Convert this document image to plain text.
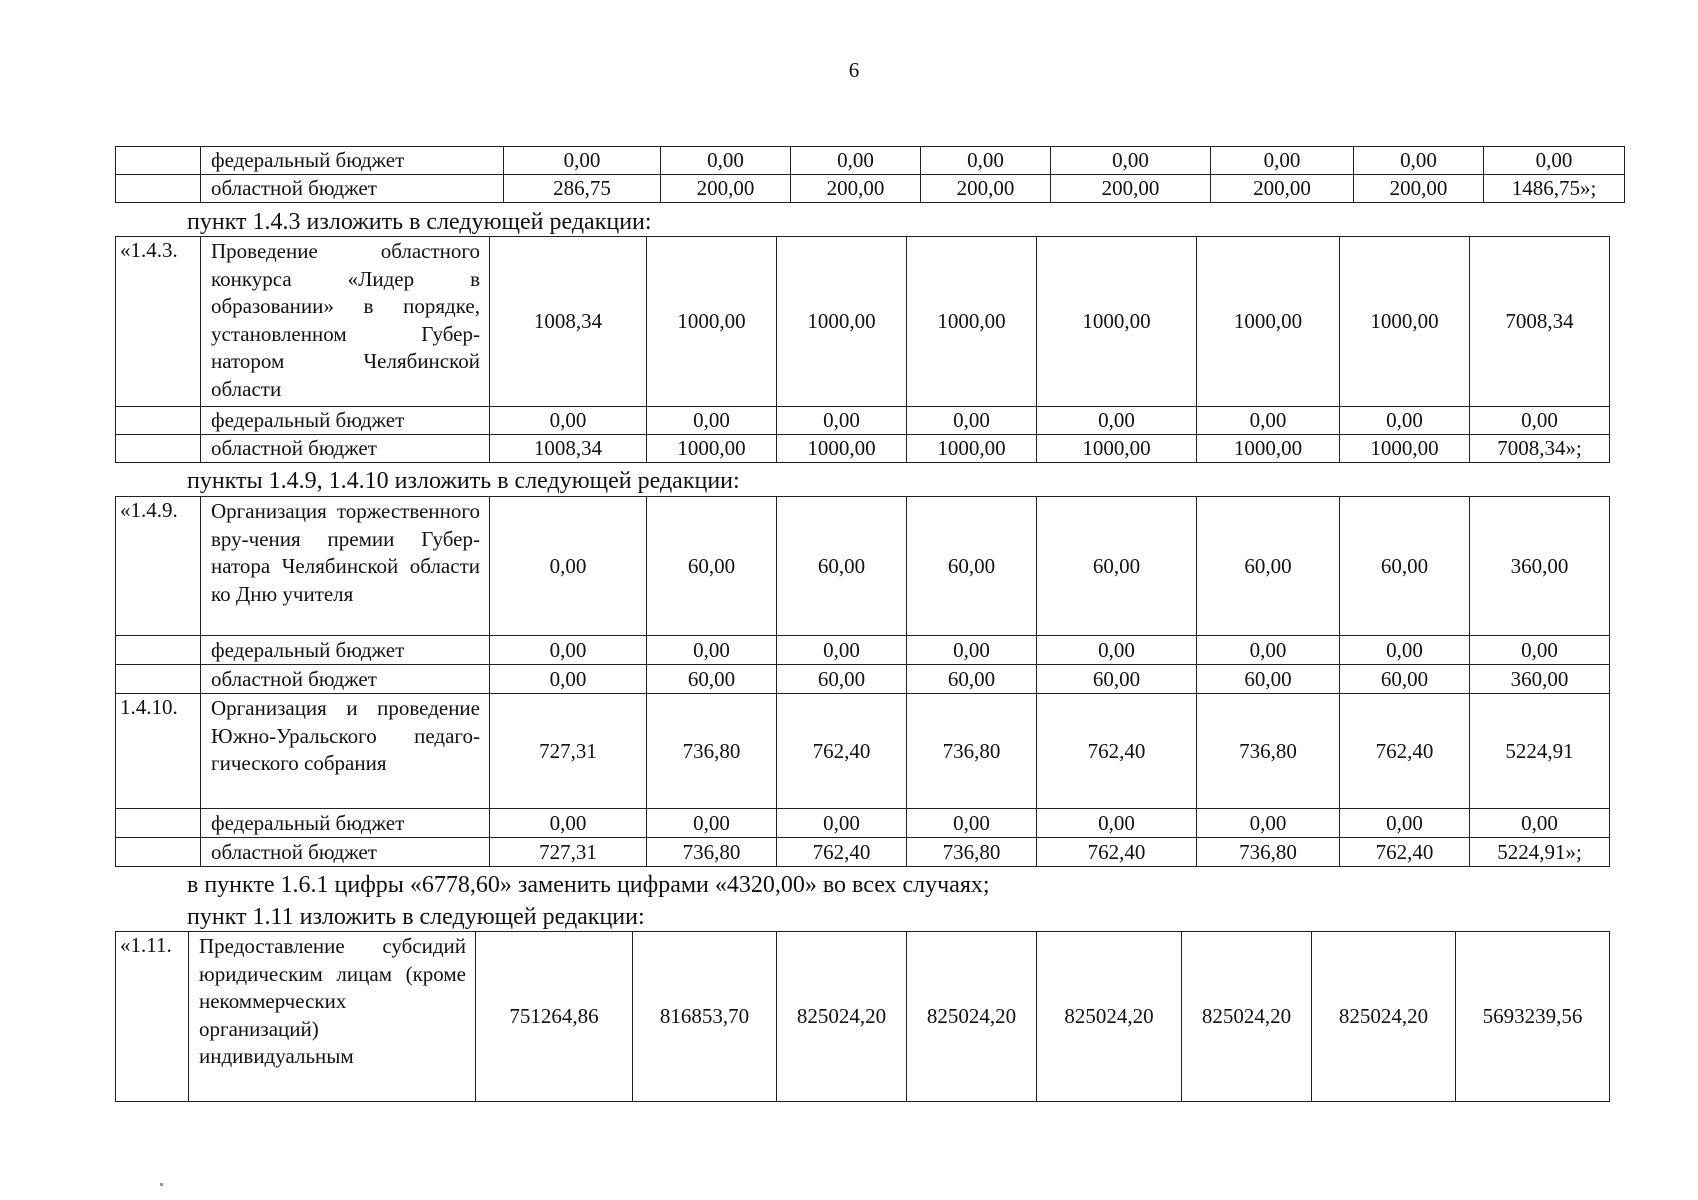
6
	федеральный бюджет	0,00	0,00	0,00	0,00	0,00	0,00	0,00	0,00
	областной бюджет	286,75	200,00	200,00	200,00	200,00	200,00	200,00	1486,75»;
пункт 1.4.3 изложить в следующей редакции:
«1.4.3.	Проведение областного конкурса «Лидер в образовании» в порядке, установленном Губер-натором Челябинской области	1008,34	1000,00	1000,00	1000,00	1000,00	1000,00	1000,00	7008,34
	федеральный бюджет	0,00	0,00	0,00	0,00	0,00	0,00	0,00	0,00
	областной бюджет	1008,34	1000,00	1000,00	1000,00	1000,00	1000,00	1000,00	7008,34»;
пункты 1.4.9, 1.4.10 изложить в следующей редакции:
«1.4.9.	Организация торжественного вру-чения премии Губер-натора Челябинской области ко Дню учителя	0,00	60,00	60,00	60,00	60,00	60,00	60,00	360,00
	федеральный бюджет	0,00	0,00	0,00	0,00	0,00	0,00	0,00	0,00
	областной бюджет	0,00	60,00	60,00	60,00	60,00	60,00	60,00	360,00
1.4.10.	Организация и проведение Южно-Уральского педаго-гического собрания	727,31	736,80	762,40	736,80	762,40	736,80	762,40	5224,91
	федеральный бюджет	0,00	0,00	0,00	0,00	0,00	0,00	0,00	0,00
	областной бюджет	727,31	736,80	762,40	736,80	762,40	736,80	762,40	5224,91»;
в пункте 1.6.1 цифры «6778,60» заменить цифрами «4320,00» во всех случаях;
пункт 1.11 изложить в следующей редакции:
«1.11.	Предоставление субсидий юридическим лицам (кроме некоммерческих организаций) индивидуальным	751264,86	816853,70	825024,20	825024,20	825024,20	825024,20	825024,20	5693239,56
